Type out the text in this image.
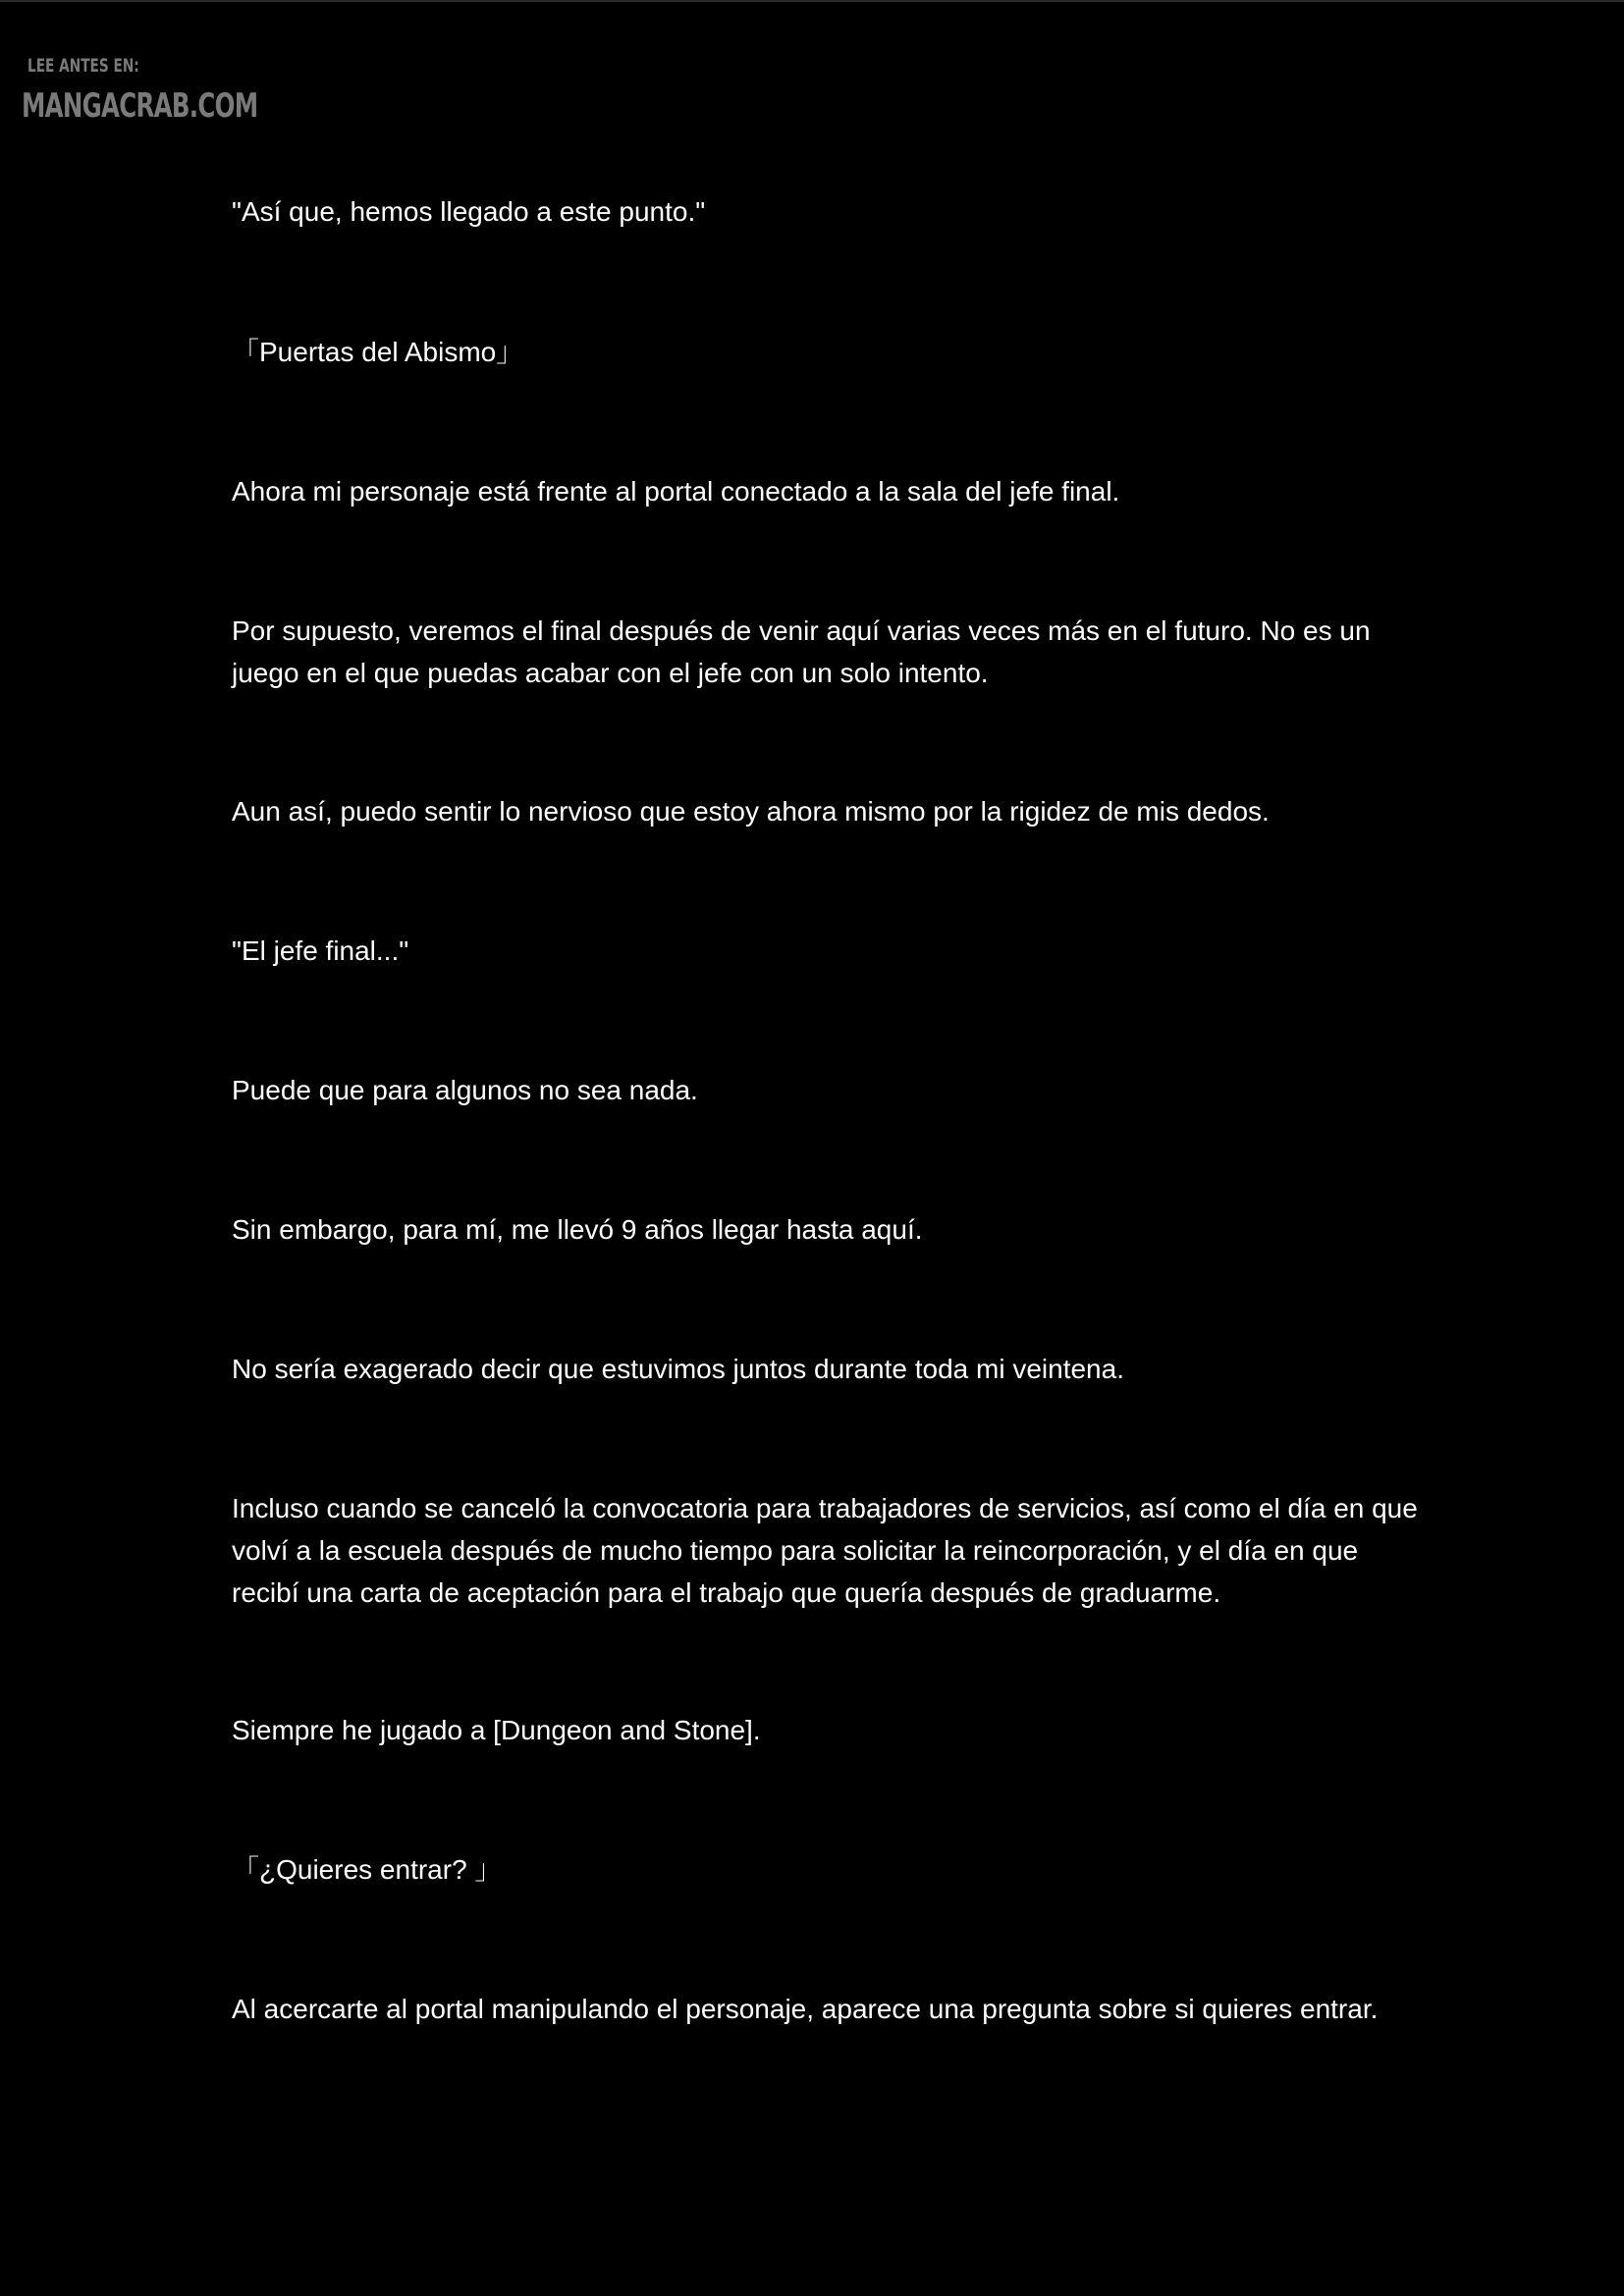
LEE ANTES EN:
MANGACRAB.COM

"Así que, hemos llegado a este punto."

「Puertas del Abismo」

Ahora mi personaje está frente al portal conectado a la sala del jefe final.

Por supuesto, veremos el final después de venir aquí varias veces más en el futuro. No es un juego en el que puedas acabar con el jefe con un solo intento.

Aun así, puedo sentir lo nervioso que estoy ahora mismo por la rigidez de mis dedos.

"El jefe final..."

Puede que para algunos no sea nada.

Sin embargo, para mí, me llevó 9 años llegar hasta aquí.

No sería exagerado decir que estuvimos juntos durante toda mi veintena.

Incluso cuando se canceló la convocatoria para trabajadores de servicios, así como el día en que volví a la escuela después de mucho tiempo para solicitar la reincorporación, y el día en que recibí una carta de aceptación para el trabajo que quería después de graduarme.

Siempre he jugado a [Dungeon and Stone].

「¿Quieres entrar? 」

Al acercarte al portal manipulando el personaje, aparece una pregunta sobre si quieres entrar.
